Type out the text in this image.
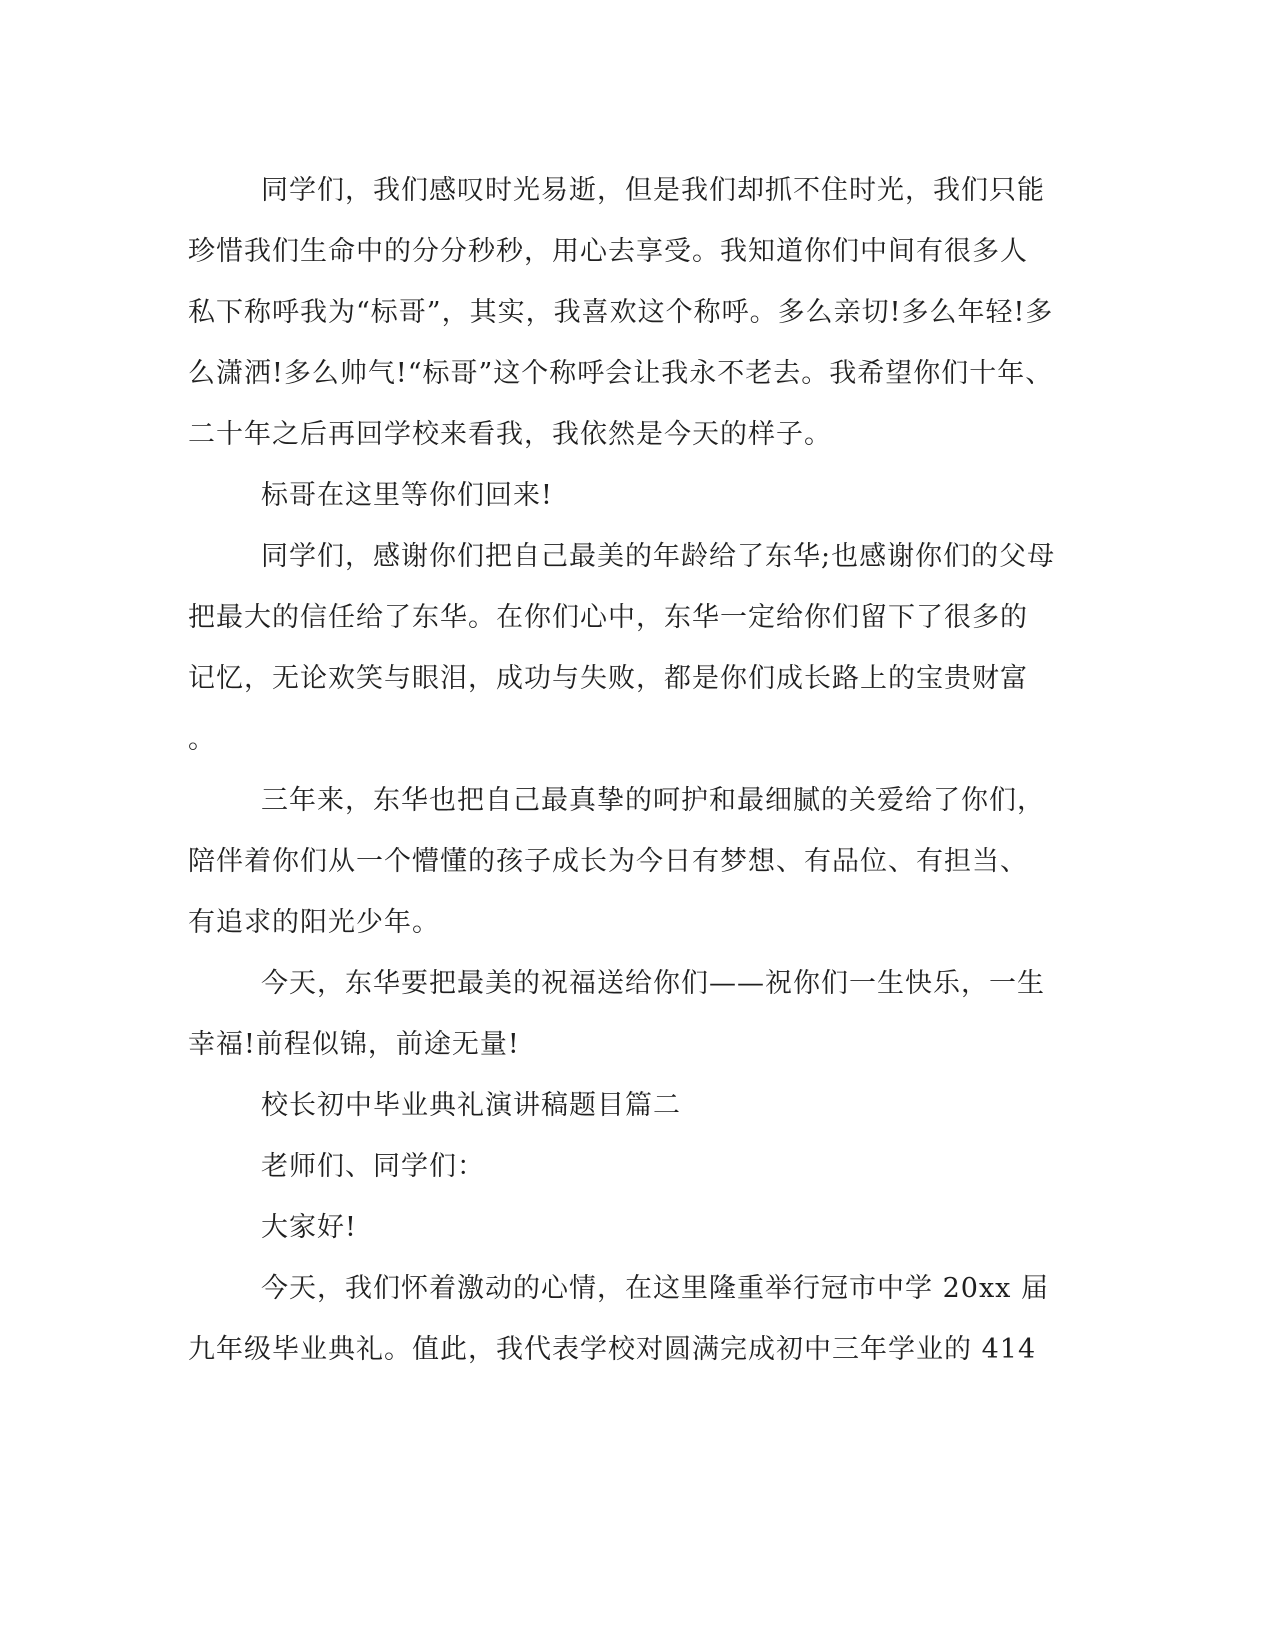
同学们，我们感叹时光易逝，但是我们却抓不住时光，我们只能
珍惜我们生命中的分分秒秒，用心去享受。我知道你们中间有很多人
私下称呼我为“标哥”，其实，我喜欢这个称呼。多么亲切!多么年轻!多
么潇洒!多么帅气!“标哥”这个称呼会让我永不老去。我希望你们十年、
二十年之后再回学校来看我，我依然是今天的样子。
标哥在这里等你们回来!
同学们，感谢你们把自己最美的年龄给了东华;也感谢你们的父母
把最大的信任给了东华。在你们心中，东华一定给你们留下了很多的
记忆，无论欢笑与眼泪，成功与失败，都是你们成长路上的宝贵财富
。
三年来，东华也把自己最真挚的呵护和最细腻的关爱给了你们，
陪伴着你们从一个懵懂的孩子成长为今日有梦想、有品位、有担当、
有追求的阳光少年。
今天，东华要把最美的祝福送给你们——祝你们一生快乐，一生
幸福!前程似锦，前途无量!
校长初中毕业典礼演讲稿题目篇二
老师们、同学们：
大家好!
今天，我们怀着激动的心情，在这里隆重举行冠市中学 20xx 届
九年级毕业典礼。值此，我代表学校对圆满完成初中三年学业的 414
